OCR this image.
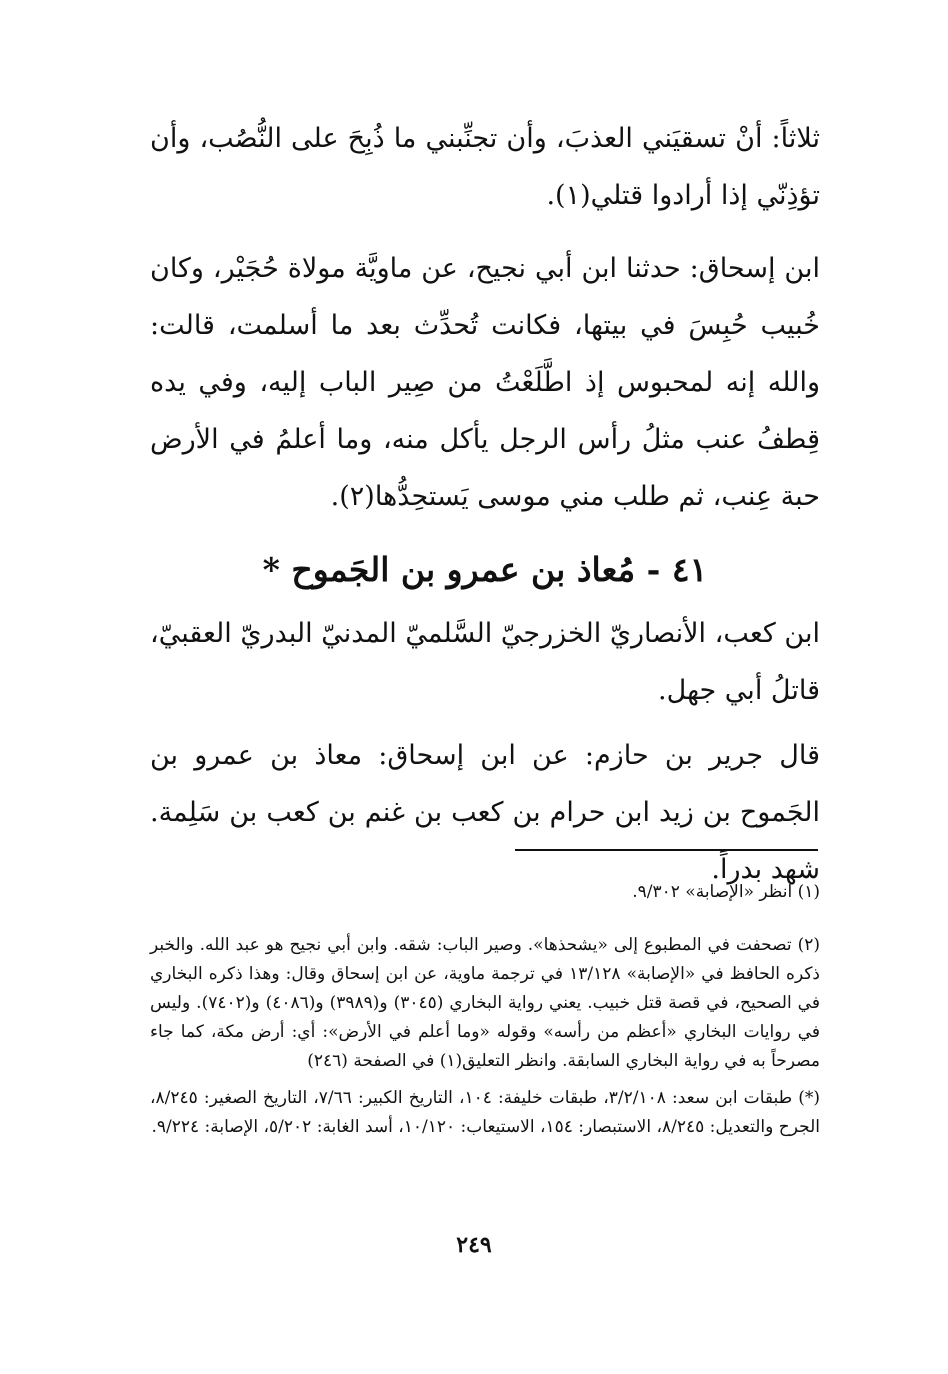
ثلاثاً: أنْ تسقيَني العذبَ، وأن تجنِّبني ما ذُبِحَ على النُّصُب، وأن تؤذِنّي إذا أرادوا قتلي(١).

ابن إسحاق: حدثنا ابن أبي نجيح، عن ماويَّة مولاة حُجَيْر، وكان خُبيب حُبِسَ في بيتها، فكانت تُحدِّث بعد ما أسلمت، قالت: والله إنه لمحبوس إذ اطَّلَعْتُ من صِير الباب إليه، وفي يده قِطفُ عنب مثلُ رأس الرجل يأكل منه، وما أعلمُ في الأرض حبة عِنب، ثم طلب مني موسى يَستحِدُّها(٢).

٤١ - مُعاذ بن عمرو بن الجَموح *

ابن كعب، الأنصاريّ الخزرجيّ السَّلميّ المدنيّ البدريّ العقبيّ، قاتلُ أبي جهل.

قال جرير بن حازم: عن ابن إسحاق: معاذ بن عمرو بن الجَموح بن زيد ابن حرام بن كعب بن غنم بن كعب بن سَلِمة. شهد بدراً.

(١) انظر «الإصابة» ٩/٣٠٢.

(٢) تصحفت في المطبوع إلى «يشحذها». وصير الباب: شقه. وابن أبي نجيح هو عبد الله. والخبر ذكره الحافظ في «الإصابة» ١٣/١٢٨ في ترجمة ماوية، عن ابن إسحاق وقال: وهذا ذكره البخاري في الصحيح، في قصة قتل خبيب. يعني رواية البخاري (٣٠٤٥) و(٣٩٨٩) و(٤٠٨٦) و(٧٤٠٢). وليس في روايات البخاري «أعظم من رأسه» وقوله «وما أعلم في الأرض»: أي: أرض مكة، كما جاء مصرحاً به في رواية البخاري السابقة. وانظر التعليق(١) في الصفحة (٢٤٦)

(*) طبقات ابن سعد: ٣/٢/١٠٨، طبقات خليفة: ١٠٤، التاريخ الكبير: ٧/٦٦، التاريخ الصغير: ٨/٢٤٥، الجرح والتعديل: ٨/٢٤٥، الاستبصار: ١٥٤، الاستيعاب: ١٠/١٢٠، أسد الغابة: ٥/٢٠٢، الإصابة: ٩/٢٢٤.

٢٤٩
